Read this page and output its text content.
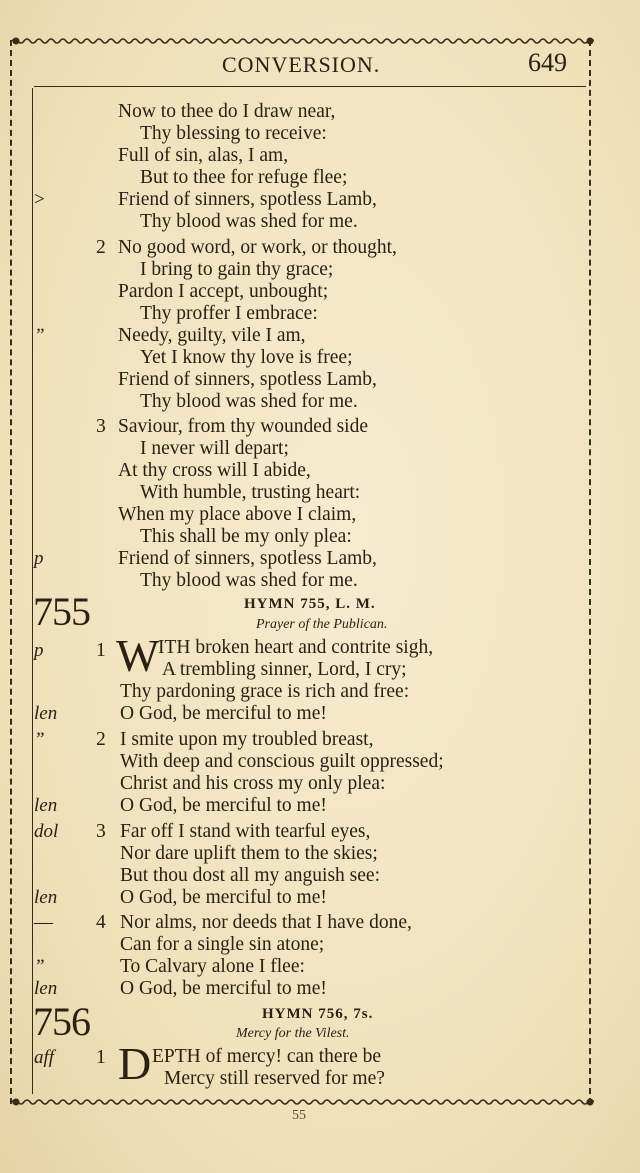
CONVERSION.	649
Now to thee do I draw near,
Thy blessing to receive:
Full of sin, alas, I am,
But to thee for refuge flee;
>	Friend of sinners, spotless Lamb,
Thy blood was shed for me.
2 No good word, or work, or thought,
I bring to gain thy grace;
Pardon I accept, unbought;
Thy proffer I embrace:
”	Needy, guilty, vile I am,
Yet I know thy love is free;
Friend of sinners, spotless Lamb,
Thy blood was shed for me.
3 Saviour, from thy wounded side
I never will depart;
At thy cross will I abide,
With humble, trusting heart:
When my place above I claim,
This shall be my only plea:
p	Friend of sinners, spotless Lamb,
Thy blood was shed for me.
755	HYMN 755, L. M.
Prayer of the Publican.
p	1 W
ITH broken heart and contrite sigh,
A trembling sinner, Lord, I cry;
Thy pardoning grace is rich and free:
len	O God, be merciful to me!
”	2 I smite upon my troubled breast,
With deep and conscious guilt oppressed;
Christ and his cross my only plea:
len	O God, be merciful to me!
dol 3 Far off I stand with tearful eyes,
Nor dare uplift them to the skies;
But thou dost all my anguish see:
len	O God, be merciful to me!
— 4 Nor alms, nor deeds that I have done,
Can for a single sin atone;
”	To Calvary alone I flee:
len	O God, be merciful to me!
756	HYMN 756, 7s.
Mercy for the Vilest.
aff 1 D EPTH of mercy! can there be
Mercy still reserved for me?
55
